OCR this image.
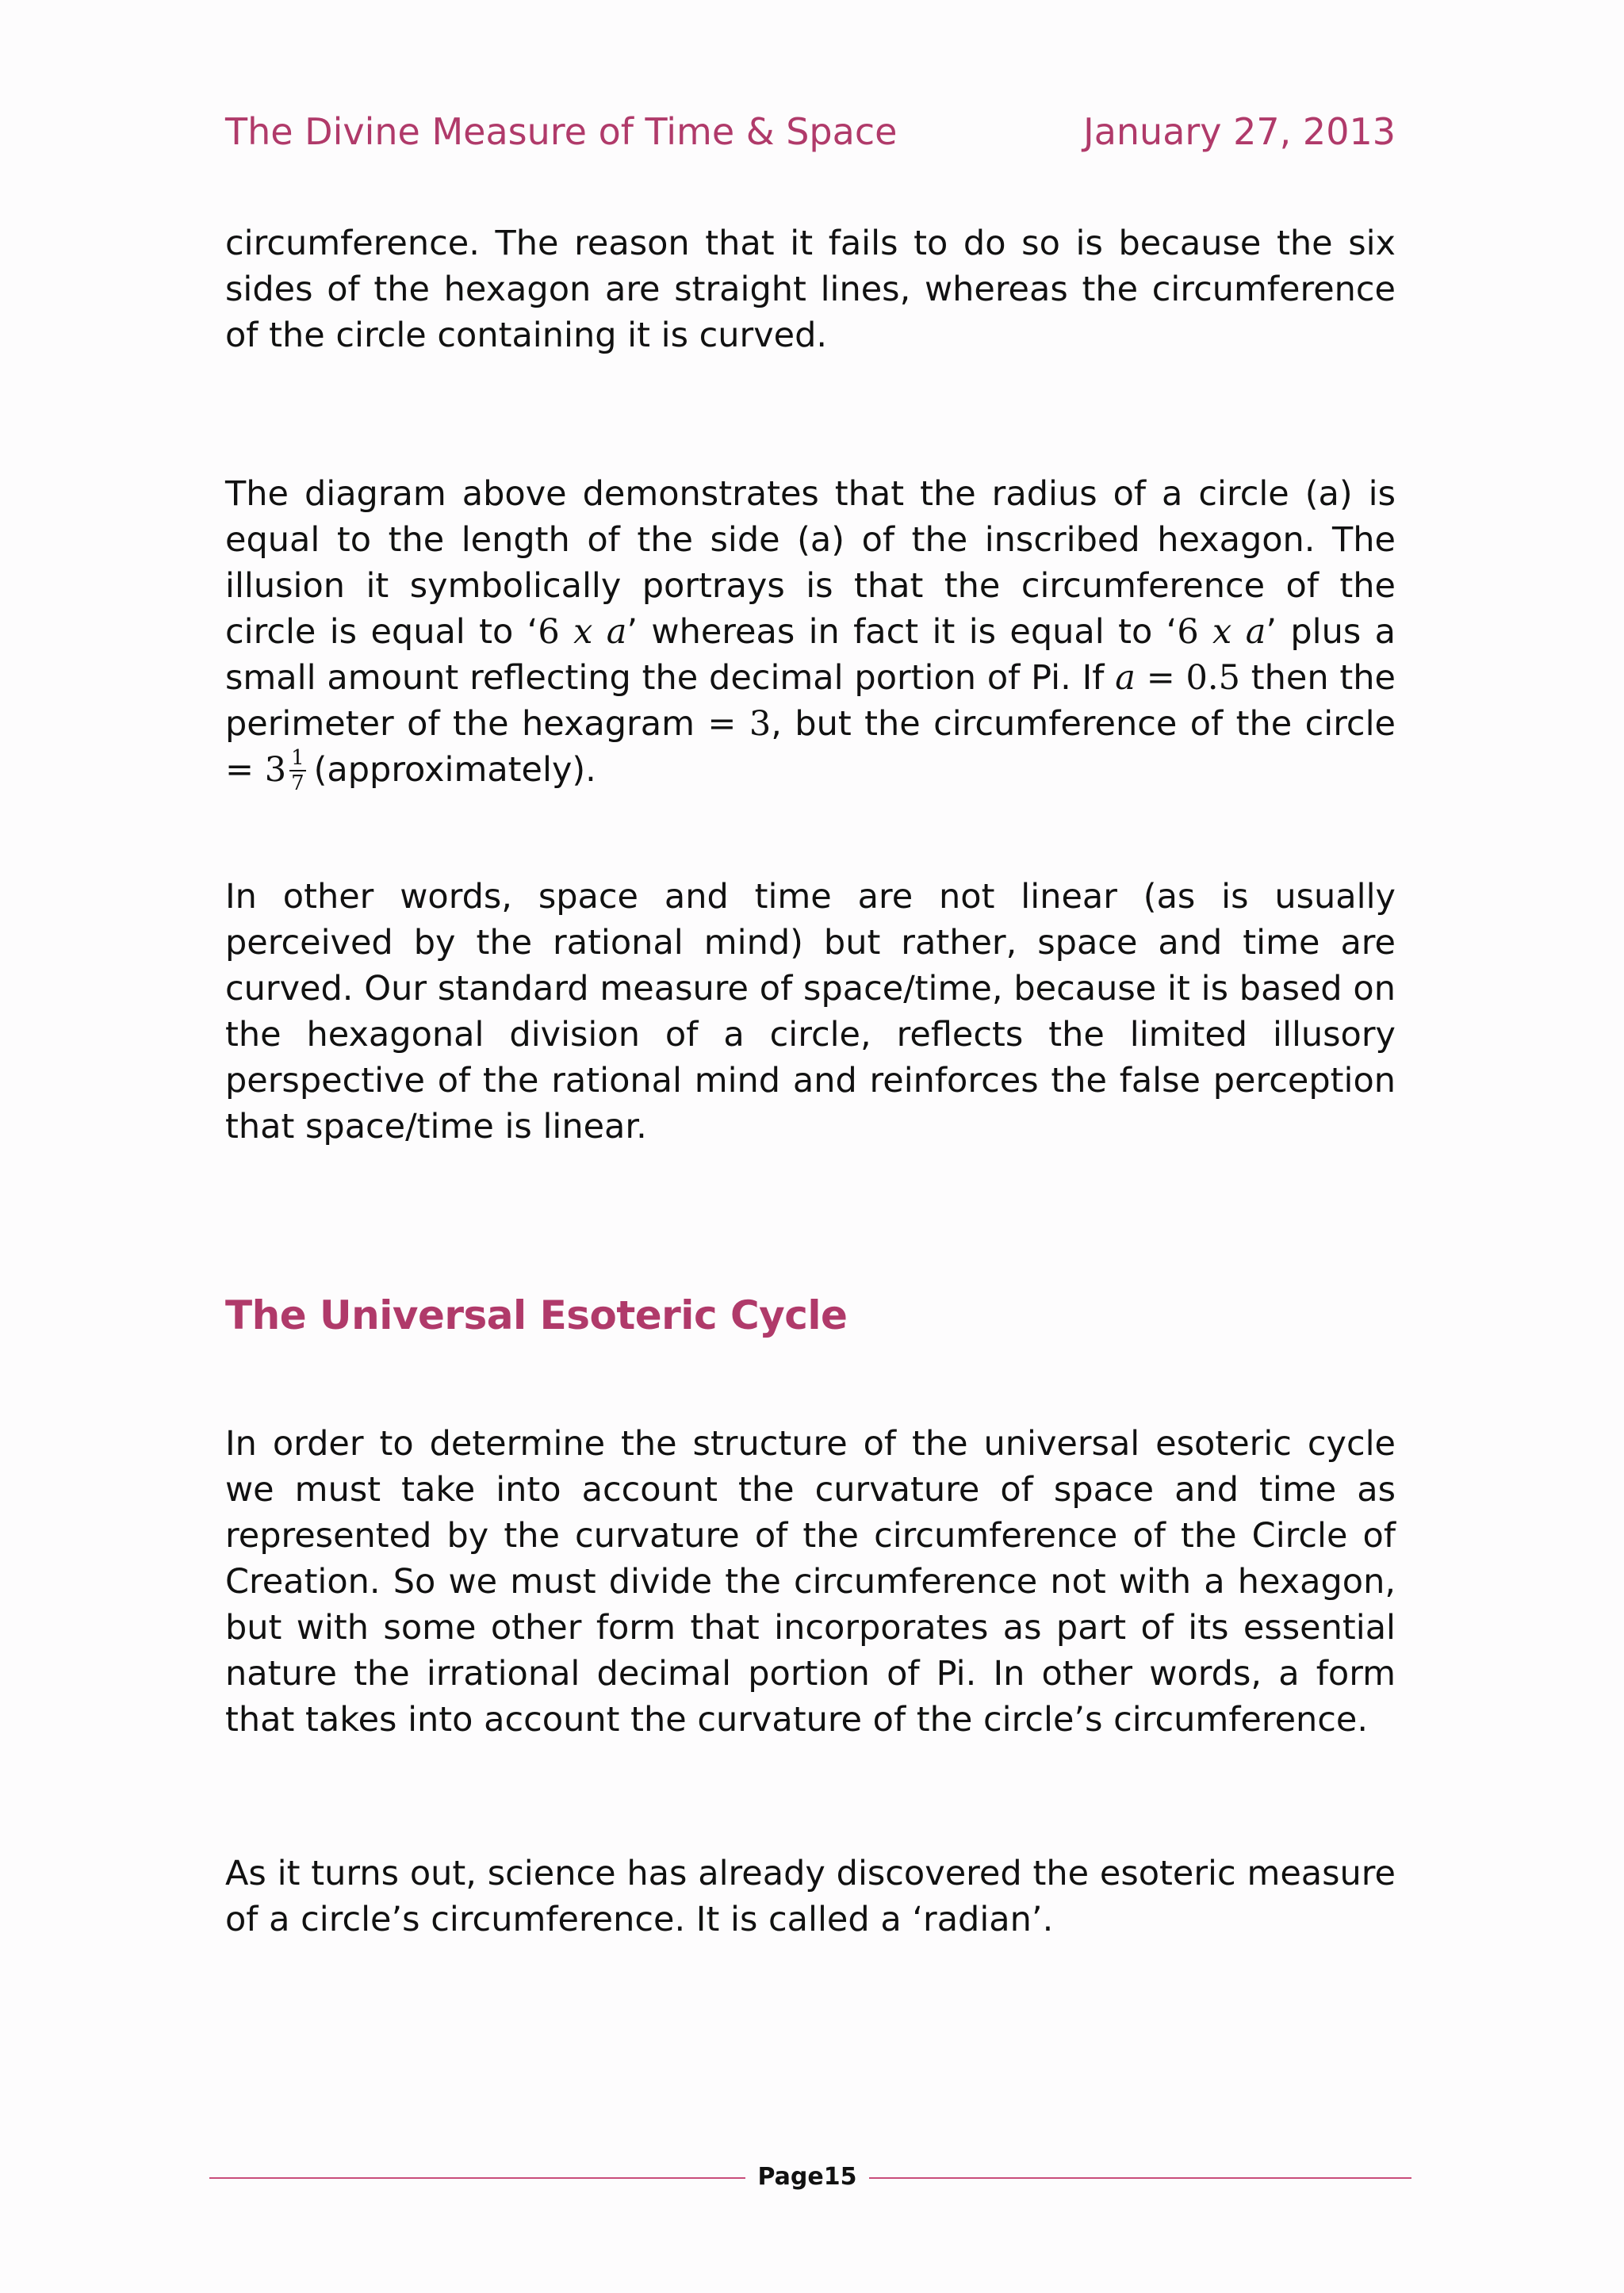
The Divine Measure of Time & Space	January 27, 2013

circumference. The reason that it fails to do so is because the six sides of the hexagon are straight lines, whereas the circumference of the circle containing it is curved.

The diagram above demonstrates that the radius of a circle (a) is equal to the length of the side (a) of the inscribed hexagon. The illusion it symbolically portrays is that the circumference of the circle is equal to ‘6 x a’ whereas in fact it is equal to ‘6 x a’ plus a small amount reflecting the decimal portion of Pi. If a = 0.5 then the perimeter of the hexagram = 3, but the circumference of the circle = $3 \frac{1}{7}$ (approximately).

In other words, space and time are not linear (as is usually perceived by the rational mind) but rather, space and time are curved. Our standard measure of space/time, because it is based on the hexagonal division of a circle, reflects the limited illusory perspective of the rational mind and reinforces the false perception that space/time is linear.

The Universal Esoteric Cycle

In order to determine the structure of the universal esoteric cycle we must take into account the curvature of space and time as represented by the curvature of the circumference of the Circle of Creation. So we must divide the circumference not with a hexagon, but with some other form that incorporates as part of its essential nature the irrational decimal portion of Pi. In other words, a form that takes into account the curvature of the circle’s circumference.

As it turns out, science has already discovered the esoteric measure of a circle’s circumference. It is called a ‘radian’.

Page15
